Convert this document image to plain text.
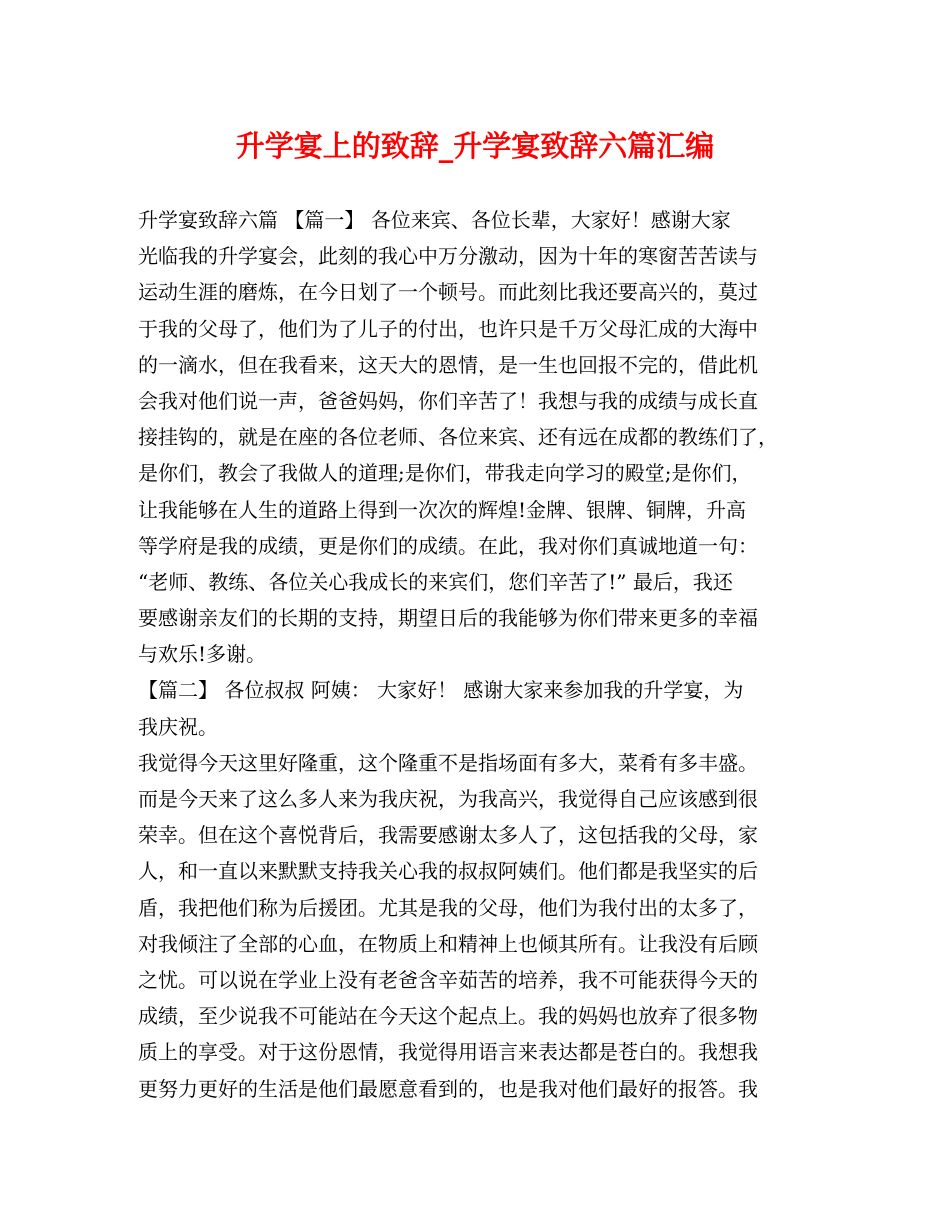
升学宴上的致辞_升学宴致辞六篇汇编
升学宴致辞六篇 【篇一】 各位来宾、各位长辈，大家好！感谢大家
光临我的升学宴会，此刻的我心中万分激动，因为十年的寒窗苦苦读与
运动生涯的磨炼，在今日划了一个顿号。而此刻比我还要高兴的，莫过
于我的父母了，他们为了儿子的付出，也许只是千万父母汇成的大海中
的一滴水，但在我看来，这天大的恩情，是一生也回报不完的，借此机
会我对他们说一声，爸爸妈妈，你们辛苦了！我想与我的成绩与成长直
接挂钩的，就是在座的各位老师、各位来宾、还有远在成都的教练们了，
是你们，教会了我做人的道理;是你们，带我走向学习的殿堂;是你们，
让我能够在人生的道路上得到一次次的辉煌!金牌、银牌、铜牌，升高
等学府是我的成绩，更是你们的成绩。在此，我对你们真诚地道一句：
“老师、教练、各位关心我成长的来宾们，您们辛苦了!” 最后，我还
要感谢亲友们的长期的支持，期望日后的我能够为你们带来更多的幸福
与欢乐!多谢。
【篇二】 各位叔叔 阿姨： 大家好！ 感谢大家来参加我的升学宴，为
我庆祝。
我觉得今天这里好隆重，这个隆重不是指场面有多大，菜肴有多丰盛。
而是今天来了这么多人来为我庆祝，为我高兴，我觉得自己应该感到很
荣幸。但在这个喜悦背后，我需要感谢太多人了，这包括我的父母，家
人，和一直以来默默支持我关心我的叔叔阿姨们。他们都是我坚实的后
盾，我把他们称为后援团。尤其是我的父母，他们为我付出的太多了，
对我倾注了全部的心血，在物质上和精神上也倾其所有。让我没有后顾
之忧。可以说在学业上没有老爸含辛茹苦的培养，我不可能获得今天的
成绩，至少说我不可能站在今天这个起点上。我的妈妈也放弃了很多物
质上的享受。对于这份恩情，我觉得用语言来表达都是苍白的。我想我
更努力更好的生活是他们最愿意看到的，也是我对他们最好的报答。我
